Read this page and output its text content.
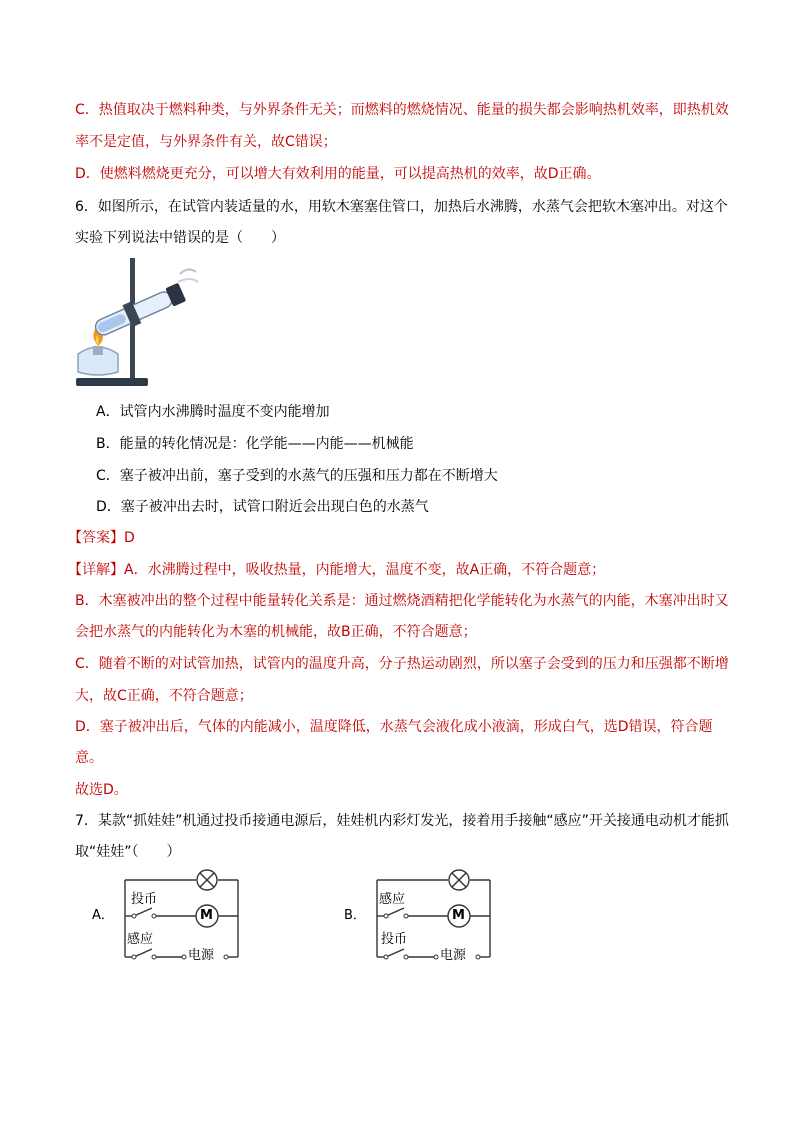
C．热值取决于燃料种类，与外界条件无关；而燃料的燃烧情况、能量的损失都会影响热机效率，即热机效
率不是定值，与外界条件有关，故C错误；
D．使燃料燃烧更充分，可以增大有效利用的能量，可以提高热机的效率，故D正确。
6．如图所示，在试管内装适量的水，用软木塞塞住管口，加热后水沸腾，水蒸气会把软木塞冲出。对这个
实验下列说法中错误的是（　　）
A．试管内水沸腾时温度不变内能增加
B．能量的转化情况是：化学能——内能——机械能
C．塞子被冲出前，塞子受到的水蒸气的压强和压力都在不断增大
D．塞子被冲出去时，试管口附近会出现白色的水蒸气
【答案】D
【详解】A．水沸腾过程中，吸收热量，内能增大，温度不变，故A正确，不符合题意；
B．木塞被冲出的整个过程中能量转化关系是：通过燃烧酒精把化学能转化为水蒸气的内能，木塞冲出时又
会把水蒸气的内能转化为木塞的机械能，故B正确，不符合题意；
C．随着不断的对试管加热，试管内的温度升高，分子热运动剧烈，所以塞子会受到的压力和压强都不断增
大，故C正确，不符合题意；
D．塞子被冲出后，气体的内能减小，温度降低，水蒸气会液化成小液滴，形成白气，选D错误，符合题
意。
故选D。
7．某款“抓娃娃”机通过投币接通电源后，娃娃机内彩灯发光，接着用手接触“感应”开关接通电动机才能抓
取“娃娃”（　　）
A．
投币
感应
电源
M	B．
感应
投币
电源
M
